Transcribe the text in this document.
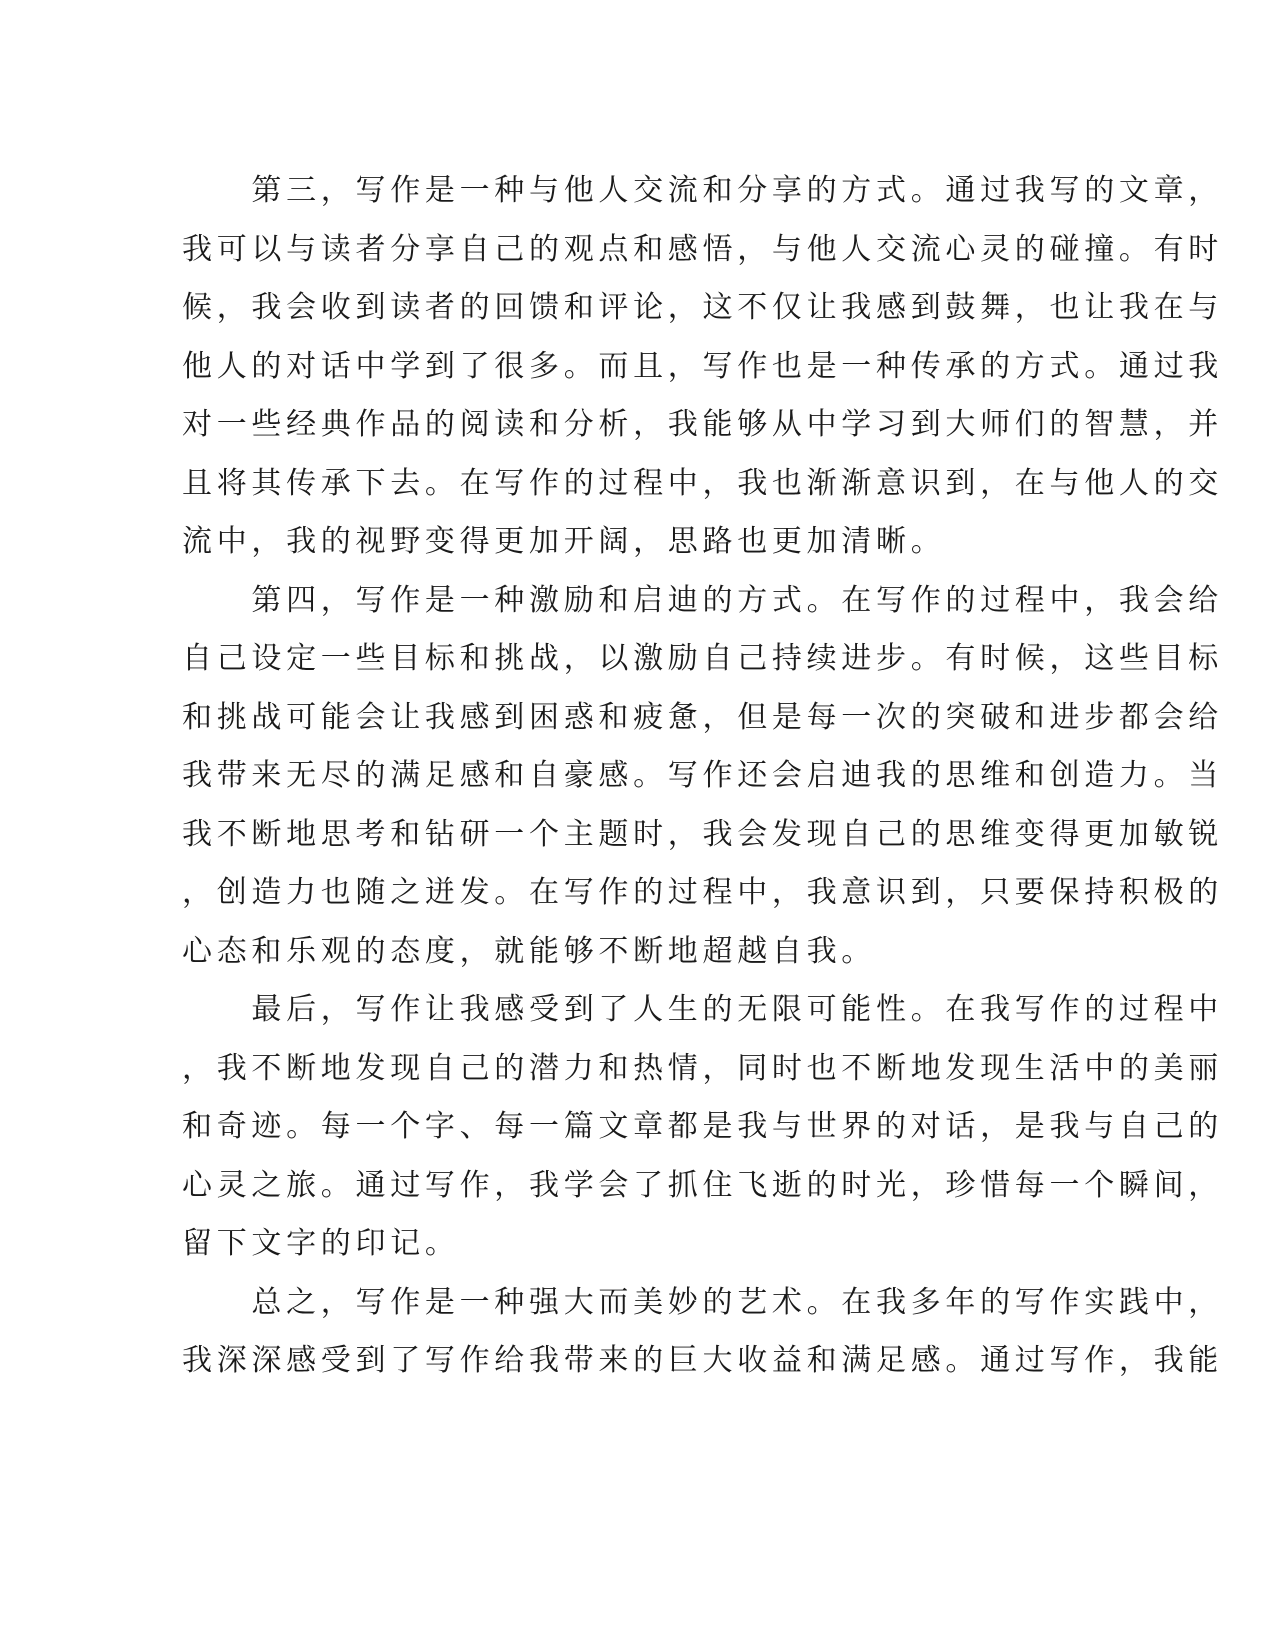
　　第三，写作是一种与他人交流和分享的方式。通过我写的文章，
我可以与读者分享自己的观点和感悟，与他人交流心灵的碰撞。有时
候，我会收到读者的回馈和评论，这不仅让我感到鼓舞，也让我在与
他人的对话中学到了很多。而且，写作也是一种传承的方式。通过我
对一些经典作品的阅读和分析，我能够从中学习到大师们的智慧，并
且将其传承下去。在写作的过程中，我也渐渐意识到，在与他人的交
流中，我的视野变得更加开阔，思路也更加清晰。
　　第四，写作是一种激励和启迪的方式。在写作的过程中，我会给
自己设定一些目标和挑战，以激励自己持续进步。有时候，这些目标
和挑战可能会让我感到困惑和疲惫，但是每一次的突破和进步都会给
我带来无尽的满足感和自豪感。写作还会启迪我的思维和创造力。当
我不断地思考和钻研一个主题时，我会发现自己的思维变得更加敏锐
，创造力也随之迸发。在写作的过程中，我意识到，只要保持积极的
心态和乐观的态度，就能够不断地超越自我。
　　最后，写作让我感受到了人生的无限可能性。在我写作的过程中
，我不断地发现自己的潜力和热情，同时也不断地发现生活中的美丽
和奇迹。每一个字、每一篇文章都是我与世界的对话，是我与自己的
心灵之旅。通过写作，我学会了抓住飞逝的时光，珍惜每一个瞬间，
留下文字的印记。
　　总之，写作是一种强大而美妙的艺术。在我多年的写作实践中，
我深深感受到了写作给我带来的巨大收益和满足感。通过写作，我能
